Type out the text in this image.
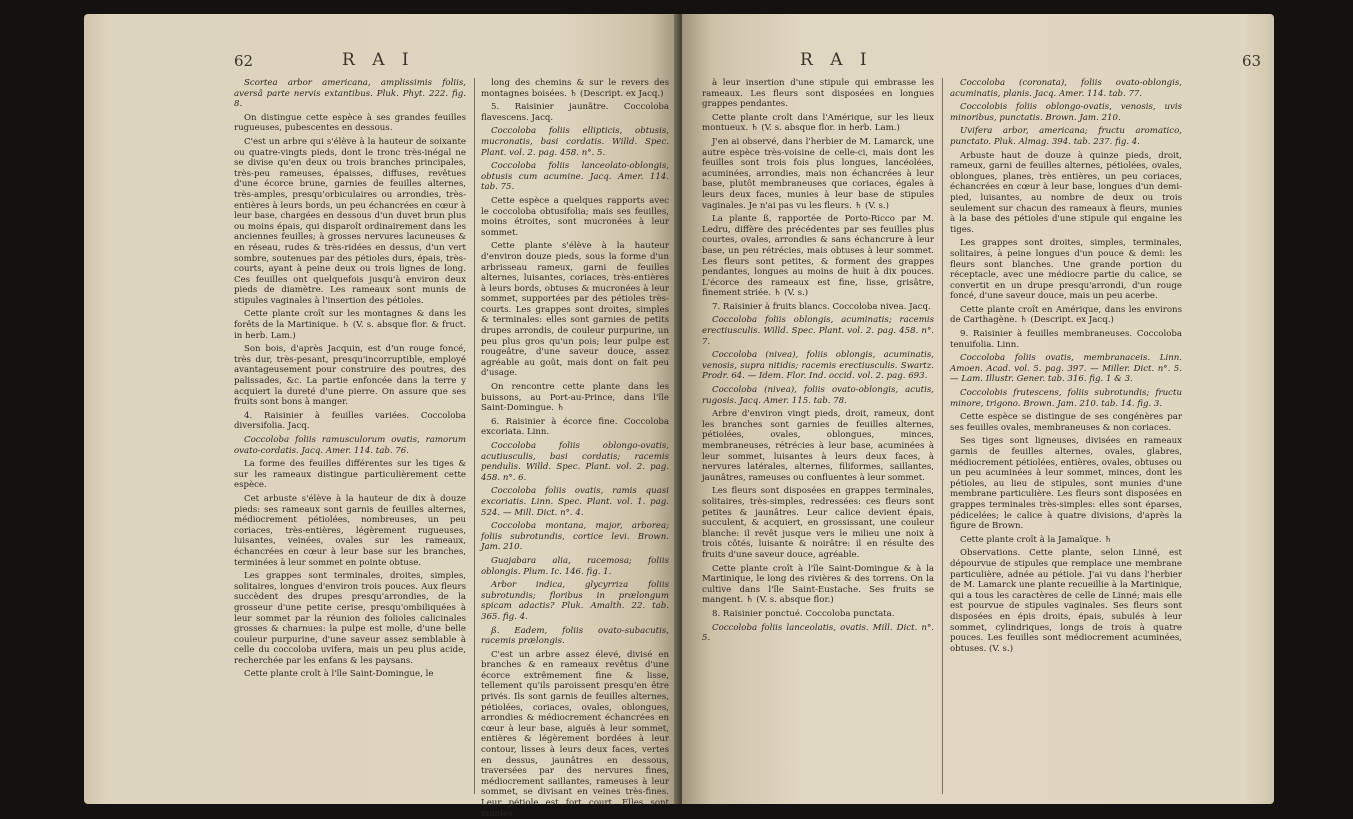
62	R A I

Scortea arbor americana, amplissimis foliis, aversâ parte nervis extantibus. Pluk. Phyt. 222. fig. 8.

On distingue cette espèce à ses grandes feuilles rugueuses, pubescentes en dessous.

C'est un arbre qui s'élève à la hauteur de soixante ou quatre-vingts pieds, dont le tronc très-inégal ne se divise qu'en deux ou trois branches principales, très-peu rameuses, épaisses, diffuses, revêtues d'une écorce brune, garnies de feuilles alternes, très-amples, presqu'orbiculaires ou arrondies, très-entières à leurs bords, un peu échancrées en cœur à leur base, chargées en dessous d'un duvet brun plus ou moins épais, qui disparoît ordinairement dans les anciennes feuilles; à grosses nervures lacuneuses & en réseau, rudes & très-ridées en dessus, d'un vert sombre, soutenues par des pétioles durs, épais, très-courts, ayant à peine deux ou trois lignes de long. Ces feuilles ont quelquefois jusqu'à environ deux pieds de diamètre. Les rameaux sont munis de stipules vaginales à l'insertion des pétioles.

Cette plante croît sur les montagnes & dans les forêts de la Martinique. ♄ (V. s. absque flor. & fruct. in herb. Lam.)

Son bois, d'après Jacquin, est d'un rouge foncé, très dur, très-pesant, presqu'incorruptible, employé avantageusement pour construire des poutres, des palissades, &c. La partie enfoncée dans la terre y acquiert la dureté d'une pierre. On assure que ses fruits sont bons à manger.

4. Raisinier à feuilles variées. Coccoloba diversifolia. Jacq.

Coccoloba foliis ramusculorum ovatis, ramorum ovato-cordatis. Jacq. Amer. 114. tab. 76.

La forme des feuilles différentes sur les tiges & sur les rameaux distingue particulièrement cette espèce.

Cet arbuste s'élève à la hauteur de dix à douze pieds: ses rameaux sont garnis de feuilles alternes, médiocrement pétiolées, nombreuses, un peu coriaces, très-entières, légèrement rugueuses, luisantes, veinées, ovales sur les rameaux, échancrées en cœur à leur base sur les branches, terminées à leur sommet en pointe obtuse.

Les grappes sont terminales, droites, simples, solitaires, longues d'environ trois pouces. Aux fleurs succèdent des drupes presqu'arrondies, de la grosseur d'une petite cerise, presqu'ombiliquées à leur sommet par la réunion des folioles calicinales grosses & charnues: la pulpe est molle, d'une belle couleur purpurine, d'une saveur assez semblable à celle du coccoloba uvifera, mais un peu plus acide, recherchée par les enfans & les paysans.

Cette plante croît à l'île Saint-Domingue, le

long des chemins & sur le revers des montagnes boisées. ♄ (Descript. ex Jacq.)

5. Raisinier jaunâtre. Coccoloba flavescens. Jacq.

Coccoloba foliis ellipticis, obtusis, mucronatis, basi cordatis. Willd. Spec. Plant. vol. 2. pag. 458. n°. 5.

Coccoloba foliis lanceolato-oblongis, obtusis cum acumine. Jacq. Amer. 114. tab. 75.

Cette espèce a quelques rapports avec le coccoloba obtusifolia; mais ses feuilles, moins étroites, sont mucronées à leur sommet.

Cette plante s'élève à la hauteur d'environ douze pieds, sous la forme d'un arbrisseau rameux, garni de feuilles alternes, luisantes, coriaces, très-entières à leurs bords, obtuses & mucronées à leur sommet, supportées par des pétioles très-courts. Les grappes sont droites, simples & terminales: elles sont garnies de petits drupes arrondis, de couleur purpurine, un peu plus gros qu'un pois; leur pulpe est rougeâtre, d'une saveur douce, assez agréable au goût, mais dont on fait peu d'usage.

On rencontre cette plante dans les buissons, au Port-au-Prince, dans l'île Saint-Domingue. ♄

6. Raisinier à écorce fine. Coccoloba excoriata. Linn.

Coccoloba foliis oblongo-ovatis, acutiusculis, basi cordatis; racemis pendulis. Willd. Spec. Plant. vol. 2. pag. 458. n°. 6.

Coccoloba foliis ovatis, ramis quasi excoriatis. Linn. Spec. Plant. vol. 1. pag. 524. — Mill. Dict. n°. 4.

Coccoloba montana, major, arborea; foliis subrotundis, cortice levi. Brown. Jam. 210.

Guajabara alia, racemosa; foliis oblongis. Plum. Ic. 146. fig. 1.

Arbor indica, glycyrriza foliis subrotundis; floribus in prælongum spicam adactis? Pluk. Amalth. 22. tab. 365. fig. 4.

ß. Eadem, foliis ovato-subacutis, racemis prælongis.

C'est un arbre assez élevé, divisé en branches & en rameaux revêtus d'une écorce extrêmement fine & lisse, tellement qu'ils paroissent presqu'en être privés. Ils sont garnis de feuilles alternes, pétiolées, coriaces, ovales, oblongues, arrondies & médiocrement échancrées en cœur à leur base, aiguës à leur sommet, entières & légèrement bordées à leur contour, lisses à leurs deux faces, vertes en dessus, jaunâtres en dessous, traversées par des nervures fines, médiocrement saillantes, rameuses à leur sommet, se divisant en veines très-fines. Leur pétiole est fort court. Elles sont munies

R A I	63

à leur insertion d'une stipule qui embrasse les rameaux. Les fleurs sont disposées en longues grappes pendantes.

Cette plante croît dans l'Amérique, sur les lieux montueux. ♄ (V. s. absque flor. in herb. Lam.)

J'en ai observé, dans l'herbier de M. Lamarck, une autre espèce très-voisine de celle-ci, mais dont les feuilles sont trois fois plus longues, lancéolées, acuminées, arrondies, mais non échancrées à leur base, plutôt membraneuses que coriaces, égales à leurs deux faces, munies à leur base de stipules vaginales. Je n'ai pas vu les fleurs. ♄ (V. s.)

La plante ß, rapportée de Porto-Ricco par M. Ledru, diffère des précédentes par ses feuilles plus courtes, ovales, arrondies & sans échancrure à leur base, un peu rétrécies, mais obtuses à leur sommet. Les fleurs sont petites, & forment des grappes pendantes, longues au moins de huit à dix pouces. L'écorce des rameaux est fine, lisse, grisâtre, finement striée. ♄ (V. s.)

7. Raisinier à fruits blancs. Coccoloba nivea. Jacq.

Coccoloba foliis oblongis, acuminatis; racemis erectiusculis. Willd. Spec. Plant. vol. 2. pag. 458. n°. 7.

Coccoloba (nivea), foliis oblongis, acuminatis, venosis, supra nitidis; racemis erectiusculis. Swartz. Prodr. 64. — Idem. Flor. Ind. occid. vol. 2. pag. 693.

Coccoloba (nivea), foliis ovato-oblongis, acutis, rugosis. Jacq. Amer. 115. tab. 78.

Arbre d'environ vingt pieds, droit, rameux, dont les branches sont garnies de feuilles alternes, pétiolées, ovales, oblongues, minces, membraneuses, rétrécies à leur base, acuminées à leur sommet, luisantes à leurs deux faces, à nervures latérales, alternes, filiformes, saillantes, jaunâtres, rameuses ou confluentes à leur sommet.

Les fleurs sont disposées en grappes terminales, solitaires, très-simples, redressées: ces fleurs sont petites & jaunâtres. Leur calice devient épais, succulent, & acquiert, en grossissant, une couleur blanche: il revêt jusque vers le milieu une noix à trois côtés, luisante & noirâtre: il en résulte des fruits d'une saveur douce, agréable.

Cette plante croît à l'île Saint-Domingue & à la Martinique, le long des rivières & des torrens. On la cultive dans l'île Saint-Eustache. Ses fruits se mangent. ♄ (V. s. absque flor.)

8. Raisinier ponctué. Coccoloba punctata.

Coccoloba foliis lanceolatis, ovatis. Mill. Dict. n°. 5.

Coccoloba (coronata), foliis ovato-oblongis, acuminatis, planis. Jacq. Amer. 114. tab. 77.

Coccolobis foliis oblongo-ovatis, venosis, uvis minoribus, punctatis. Brown. Jam. 210.

Uvifera arbor, americana; fructu aromatico, punctato. Pluk. Almag. 394. tab. 237. fig. 4.

Arbuste haut de douze à quinze pieds, droit, rameux, garni de feuilles alternes, pétiolées, ovales, oblongues, planes, très entières, un peu coriaces, échancrées en cœur à leur base, longues d'un demi-pied, luisantes, au nombre de deux ou trois seulement sur chacun des rameaux à fleurs, munies à la base des pétioles d'une stipule qui engaine les tiges.

Les grappes sont droites, simples, terminales, solitaires, à peine longues d'un pouce & demi: les fleurs sont blanches. Une grande portion du réceptacle, avec une médiocre partie du calice, se convertit en un drupe presqu'arrondi, d'un rouge foncé, d'une saveur douce, mais un peu acerbe.

Cette plante croît en Amérique, dans les environs de Carthagène. ♄ (Descript. ex Jacq.)

9. Raisinier à feuilles membraneuses. Coccoloba tenuifolia. Linn.

Coccoloba foliis ovatis, membranaceis. Linn. Amoen. Acad. vol. 5. pag. 397. — Miller. Dict. n°. 5. — Lam. Illustr. Gener. tab. 316. fig. 1 & 3.

Coccolobis frutescens, foliis subrotundis; fructu minore, trigono. Brown. Jam. 210. tab. 14. fig. 3.

Cette espèce se distingue de ses congénères par ses feuilles ovales, membraneuses & non coriaces.

Ses tiges sont ligneuses, divisées en rameaux garnis de feuilles alternes, ovales, glabres, médiocrement pétiolées, entières, ovales, obtuses ou un peu acuminées à leur sommet, minces, dont les pétioles, au lieu de stipules, sont munies d'une membrane particulière. Les fleurs sont disposées en grappes terminales très-simples: elles sont éparses, pédicelées; le calice à quatre divisions, d'après la figure de Brown.

Cette plante croît à la Jamaïque. ♄

Observations. Cette plante, selon Linné, est dépourvue de stipules que remplace une membrane particulière, adnée au pétiole. J'ai vu dans l'herbier de M. Lamarck une plante recueillie à la Martinique, qui a tous les caractères de celle de Linné; mais elle est pourvue de stipules vaginales. Ses fleurs sont disposées en épis droits, épais, subulés à leur sommet, cylindriques, longs de trois à quatre pouces. Les feuilles sont médiocrement acuminées, obtuses. (V. s.)
